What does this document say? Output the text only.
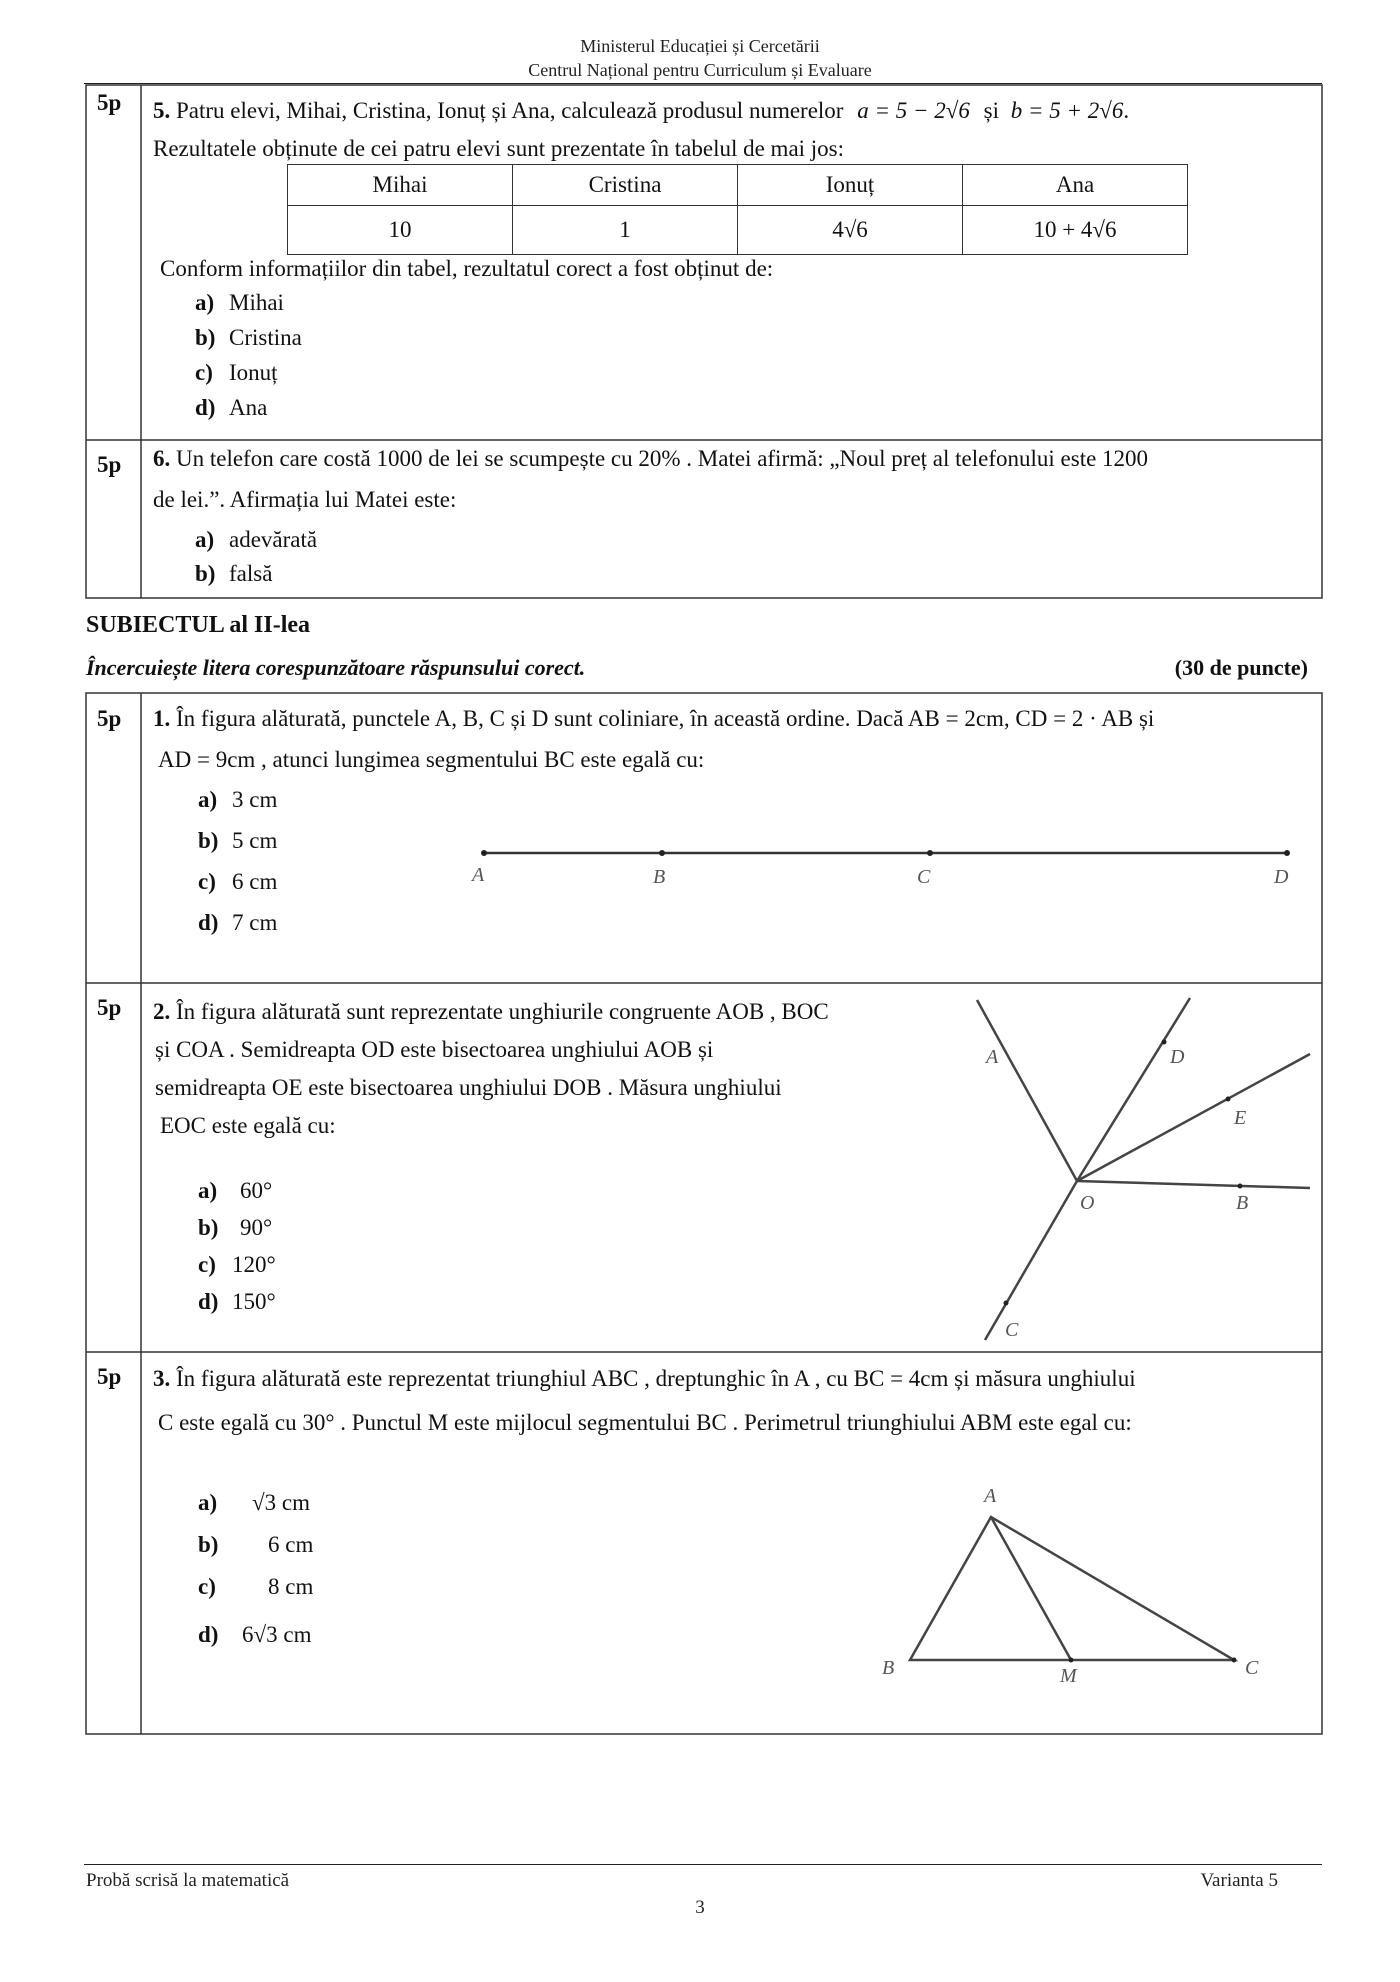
Ministerul Educației și Cercetării
Centrul Național pentru Curriculum și Evaluare
5p 5. Patru elevi, Mihai, Cristina, Ionuț și Ana, calculează produsul numerelor a = 5 − 2√6 și b = 5 + 2√6.
Rezultatele obținute de cei patru elevi sunt prezentate în tabelul de mai jos:
Mihai	Cristina	Ionuț	Ana
10	1	4√6	10 + 4√6
Conform informațiilor din tabel, rezultatul corect a fost obținut de:
a) Mihai
b) Cristina
c) Ionuț
d) Ana
5p 6. Un telefon care costă 1000 de lei se scumpește cu 20% . Matei afirmă: „Noul preț al telefonului este 1200
de lei.”. Afirmația lui Matei este:
a) adevărată
b) falsă
SUBIECTUL al II-lea
Încercuiește litera corespunzătoare răspunsului corect.	(30 de puncte)
5p 1. În figura alăturată, punctele A, B, C și D sunt coliniare, în această ordine. Dacă AB = 2cm, CD = 2 · AB și
AD = 9cm , atunci lungimea segmentului BC este egală cu:
a) 3 cm
b) 5 cm
c) 6 cm
d) 7 cm
A	B	C	D
5p 2. În figura alăturată sunt reprezentate unghiurile congruente AOB , BOC
și COA . Semidreapta OD este bisectoarea unghiului AOB și
semidreapta OE este bisectoarea unghiului DOB . Măsura unghiului
EOC este egală cu:
a) 60°
b) 90°
c) 120°
d) 150°
A	D
E
O	B
C
5p 3. În figura alăturată este reprezentat triunghiul ABC , dreptunghic în A , cu BC = 4cm și măsura unghiului
C este egală cu 30° . Punctul M este mijlocul segmentului BC . Perimetrul triunghiului ABM este egal cu:
a) √3 cm
b) 6 cm
c) 8 cm
d) 6√3 cm
A
B	M	C
Probă scrisă la matematică	Varianta 5
3
